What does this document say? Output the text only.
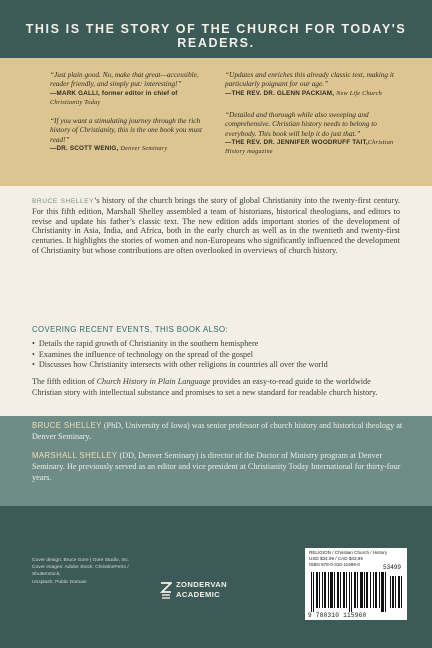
THIS IS THE STORY OF THE CHURCH FOR TODAY'S READERS.
“Just plain good. No, make that great—accessible, reader friendly, and simply put: interesting!”
—MARK GALLI, former editor in chief of Christianity Today
“If you want a stimulating journey through the rich history of Christianity, this is the one book you must read!”
—DR. SCOTT WENIG, Denver Seminary
“Updates and enriches this already classic text, making it particularly poignant for our age.”
—THE REV. DR. GLENN PACKIAM, New Life Church
“Detailed and thorough while also sweeping and comprehensive. Christian history needs to belong to everybody. This book will help it do just that.”
—THE REV. DR. JENNIFER WOODRUFF TAIT,Christian History magazine

BRUCE SHELLEY’s history of the church brings the story of global Christianity into the twenty-first century. For this fifth edition, Marshall Shelley assembled a team of historians, historical theologians, and editors to revise and update his father’s classic text. The new edition adds important stories of the development of Christianity in Asia, India, and Africa, both in the early church as well as in the twentieth and twenty-first centuries. It highlights the stories of women and non-Europeans who significantly influenced the development of Christianity but whose contributions are often overlooked in overviews of church history.

COVERING RECENT EVENTS, THIS BOOK ALSO:
• Details the rapid growth of Christianity in the southern hemisphere
• Examines the influence of technology on the spread of the gospel
• Discusses how Christianity intersects with other religions in countries all over the world

The fifth edition of Church History in Plain Language provides an easy-to-read guide to the worldwide Christian story with intellectual substance and promises to set a new standard for readable church history.

BRUCE SHELLEY (PhD, University of Iowa) was senior professor of church history and historical theology at Denver Seminary.

MARSHALL SHELLEY (DD, Denver Seminary) is director of the Doctor of Ministry program at Denver Seminary. He previously served as an editor and vice president at Christianity Today International for thirty-four years.

Cover design: Bruce Gore | Gore Studio, Inc.
Cover images: Adobe Stock; ChristinePetro / Shutterstock;
Unsplash; Public Domain	ZONDERVAN
ACADEMIC
RELIGION / Christian Church / History
USD $34.99 / CAD $43.99
ISBN 978-0-310-11596-0	53499
9 780310 115960
